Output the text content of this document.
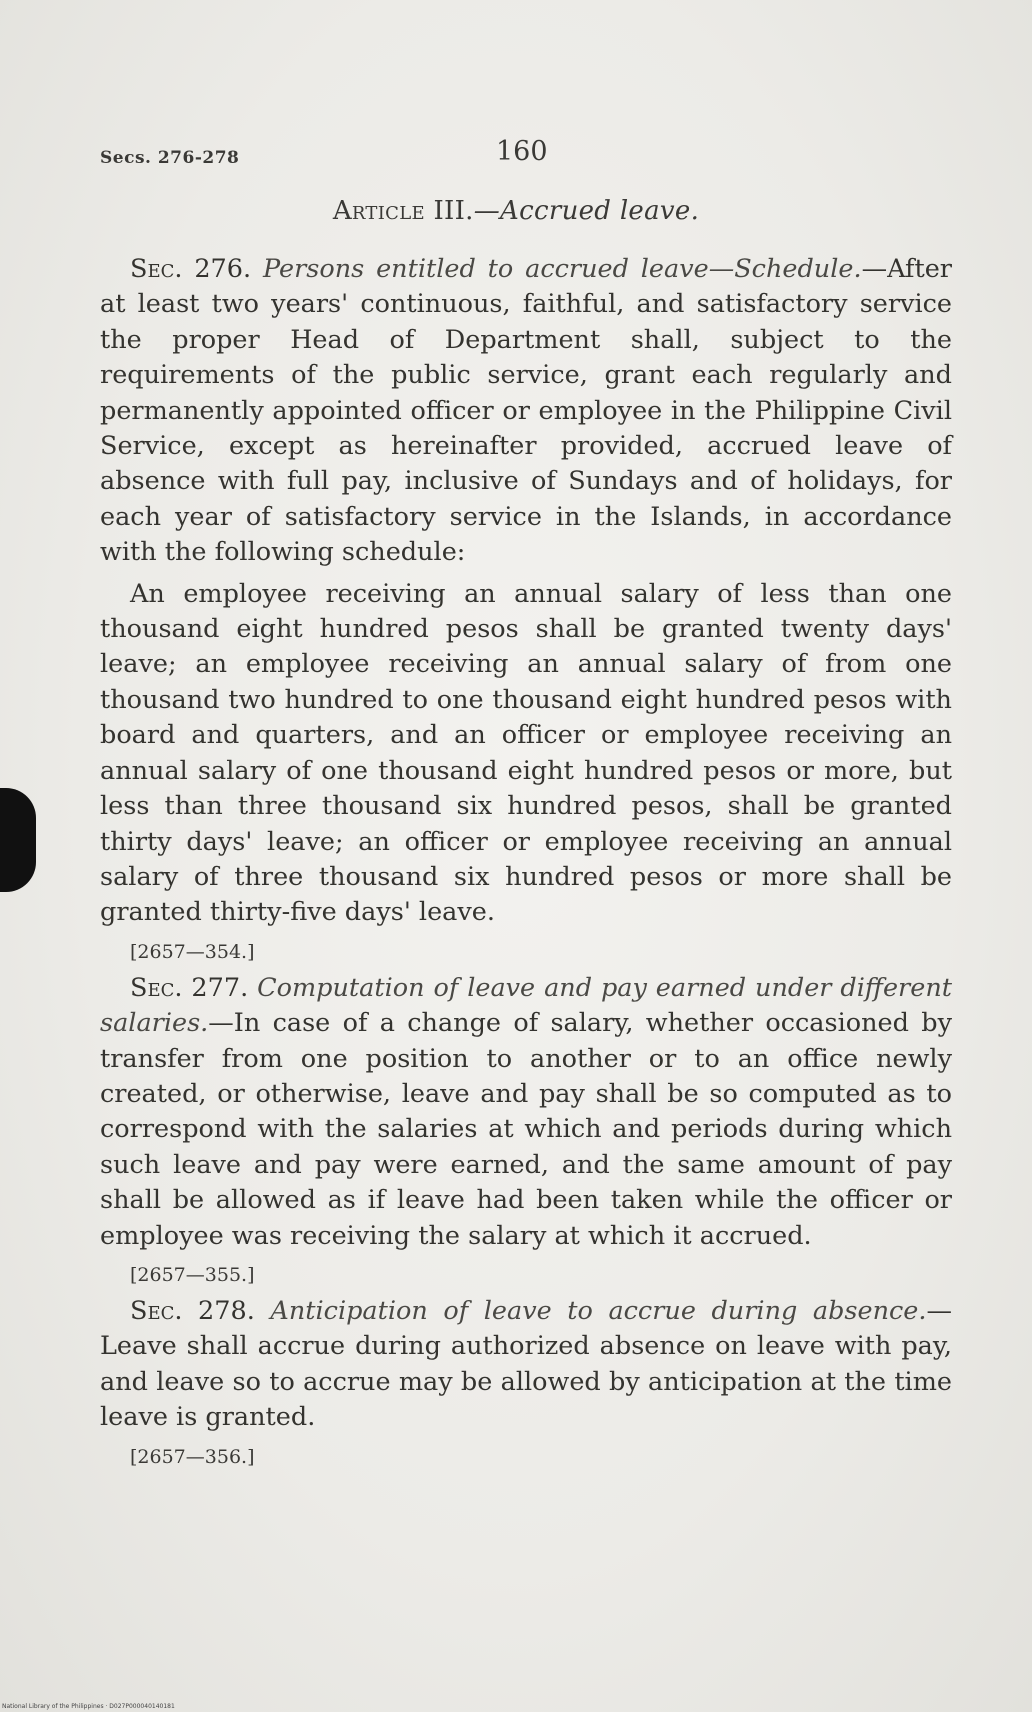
Secs. 276-278	160
Article III.—Accrued leave.

Sec. 276. Persons entitled to accrued leave—Schedule.—After at least two years' continuous, faithful, and satisfactory service the proper Head of Department shall, subject to the requirements of the public service, grant each regularly and permanently appointed officer or employee in the Philippine Civil Service, except as hereinafter provided, accrued leave of absence with full pay, inclusive of Sundays and of holidays, for each year of satisfactory service in the Islands, in accordance with the following schedule:

An employee receiving an annual salary of less than one thousand eight hundred pesos shall be granted twenty days' leave; an employee receiving an annual salary of from one thousand two hundred to one thousand eight hundred pesos with board and quarters, and an officer or employee receiving an annual salary of one thousand eight hundred pesos or more, but less than three thousand six hundred pesos, shall be granted thirty days' leave; an officer or employee receiving an annual salary of three thousand six hundred pesos or more shall be granted thirty-five days' leave.

[2657—354.]

Sec. 277. Computation of leave and pay earned under different salaries.—In case of a change of salary, whether occasioned by transfer from one position to another or to an office newly created, or otherwise, leave and pay shall be so computed as to correspond with the salaries at which and periods during which such leave and pay were earned, and the same amount of pay shall be allowed as if leave had been taken while the officer or employee was receiving the salary at which it accrued.

[2657—355.]

Sec. 278. Anticipation of leave to accrue during absence.—Leave shall accrue during authorized absence on leave with pay, and leave so to accrue may be allowed by anticipation at the time leave is granted.

[2657—356.]
National Library of the Philippines · D027P000040140181
